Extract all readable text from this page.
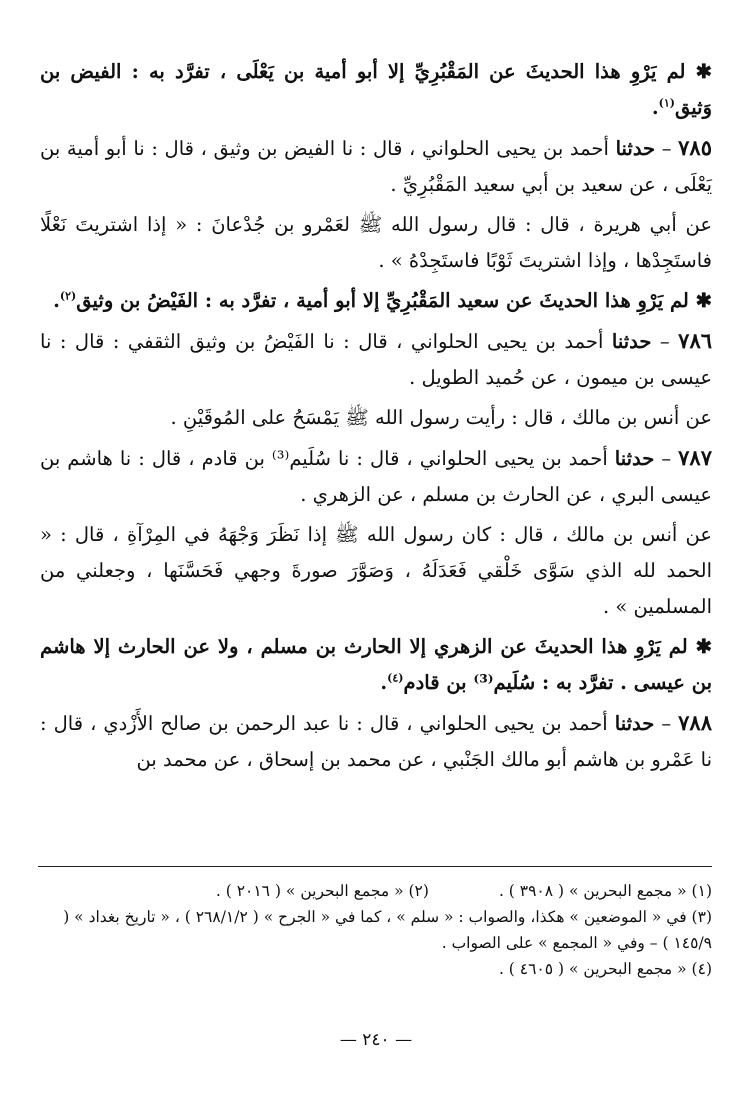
✱ لم يَرْوِ هذا الحديثَ عن المَقْبُرِيِّ إلا أبو أمية بن يَعْلَى ، تفرَّد به : الفيض بن وَثيق$^{(١)}$.

٧٨٥ – حدثنا أحمد بن يحيى الحلواني ، قال : نا الفيض بن وثيق ، قال : نا أبو أمية بن يَعْلَى ، عن سعيد بن أبي سعيد المَقْبُرِيِّ .

عن أبي هريرة ، قال : قال رسول الله ﷺ لعَمْرو بن جُدْعانَ : « إذا اشتريتَ نَعْلًا فاستَجِدْها ، وإذا اشتريتَ ثَوْبًا فاستَجِدْهُ » .

✱ لم يَرْوِ هذا الحديثَ عن سعيد المَقْبُرِيِّ إلا أبو أمية ، تفرَّد به : الفَيْضُ بن وثيق$^{(٢)}$.

٧٨٦ – حدثنا أحمد بن يحيى الحلواني ، قال : نا الفَيْضُ بن وثيق الثقفي : قال : نا عيسى بن ميمون ، عن حُميد الطويل .

عن أنس بن مالك ، قال : رأيت رسول الله ﷺ يَمْسَحُ على المُوقَيْنِ .

٧٨٧ – حدثنا أحمد بن يحيى الحلواني ، قال : نا سُلَيم⁽³⁾ بن قادم ، قال : نا هاشم بن عيسى البري ، عن الحارث بن مسلم ، عن الزهري .

عن أنس بن مالك ، قال : كان رسول الله ﷺ إذا نَظَرَ وَجْهَهُ في المِرْآةِ ، قال : « الحمد لله الذي سَوَّى خَلْقي فَعَدَلَهُ ، وَصَوَّرَ صورةَ وجهي فَحَسَّنَها ، وجعلني من المسلمين » .

✱ لم يَرْوِ هذا الحديثَ عن الزهري إلا الحارث بن مسلم ، ولا عن الحارث إلا هاشم بن عيسى . تفرَّد به : سُلَيم⁽³⁾ بن قادم$^{(٤)}$.

٧٨٨ – حدثنا أحمد بن يحيى الحلواني ، قال : نا عبد الرحمن بن صالح الأَزْدي ، قال : نا عَمْرو بن هاشم أبو مالك الجَنْبي ، عن محمد بن إسحاق ، عن محمد بن

(١) « مجمع البحرين » ( ٣٩٠٨ ) .
(٢) « مجمع البحرين » ( ٢٠١٦ ) .
(٣) في « الموضعين » هكذا، والصواب : « سلم » ، كما في « الجرح » ( ٢٦٨/١/٢ ) ، « تاريخ بغداد » ( ١٤٥/٩ ) – وفي « المجمع » على الصواب .
(٤) « مجمع البحرين » ( ٤٦٠٥ ) .
— ٢٤٠ —
